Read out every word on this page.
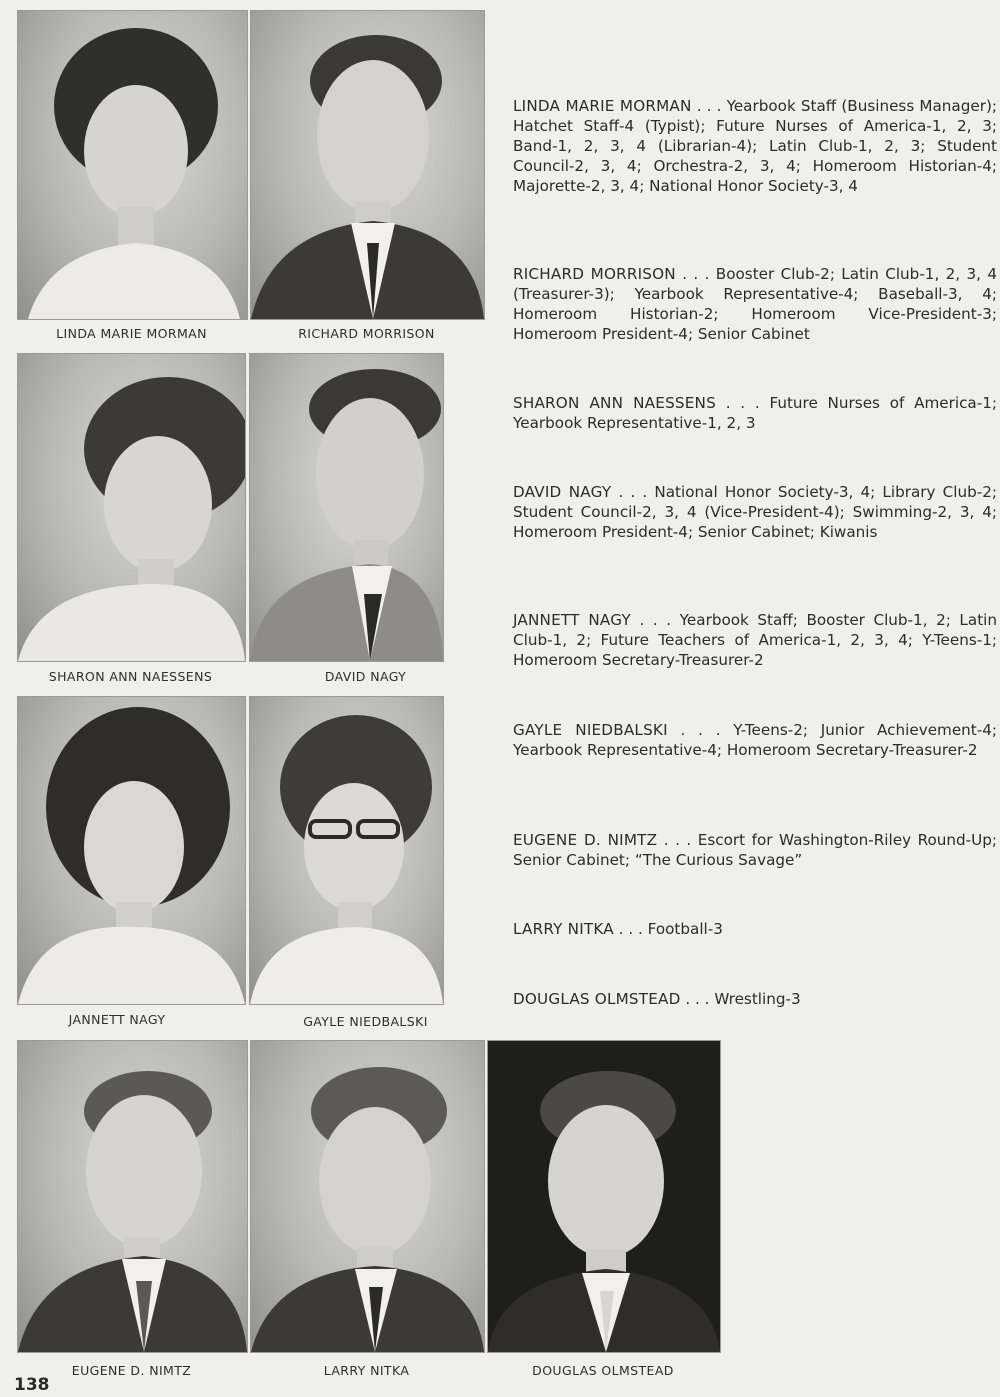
LINDA MARIE MORMAN	RICHARD MORRISON
SHARON ANN NAESSENS	DAVID NAGY
JANNETT NAGY	GAYLE NIEDBALSKI
EUGENE D. NIMTZ	LARRY NITKA	DOUGLAS OLMSTEAD
138
LINDA MARIE MORMAN . . . Yearbook Staff (Business Manager); Hatchet Staff-4 (Typist); Future Nurses of America-1, 2, 3; Band-1, 2, 3, 4 (Librarian-4); Latin Club-1, 2, 3; Student Council-2, 3, 4; Orchestra-2, 3, 4; Homeroom Historian-4; Majorette-2, 3, 4; National Honor Society-3, 4
RICHARD MORRISON . . . Booster Club-2; Latin Club-1, 2, 3, 4 (Treasurer-3); Yearbook Representative-4; Baseball-3, 4; Homeroom Historian-2; Homeroom Vice-President-3; Homeroom President-4; Senior Cabinet
SHARON ANN NAESSENS . . . Future Nurses of America-1; Yearbook Representative-1, 2, 3
DAVID NAGY . . . National Honor Society-3, 4; Library Club-2; Student Council-2, 3, 4 (Vice-President-4); Swimming-2, 3, 4; Homeroom President-4; Senior Cabinet; Kiwanis
JANNETT NAGY . . . Yearbook Staff; Booster Club-1, 2; Latin Club-1, 2; Future Teachers of America-1, 2, 3, 4; Y-Teens-1; Homeroom Secretary-Treasurer-2
GAYLE NIEDBALSKI . . . Y-Teens-2; Junior Achievement-4; Yearbook Representative-4; Homeroom Secretary-Treasurer-2
EUGENE D. NIMTZ . . . Escort for Washington-Riley Round-Up; Senior Cabinet; “The Curious Savage”
LARRY NITKA . . . Football-3
DOUGLAS OLMSTEAD . . . Wrestling-3
